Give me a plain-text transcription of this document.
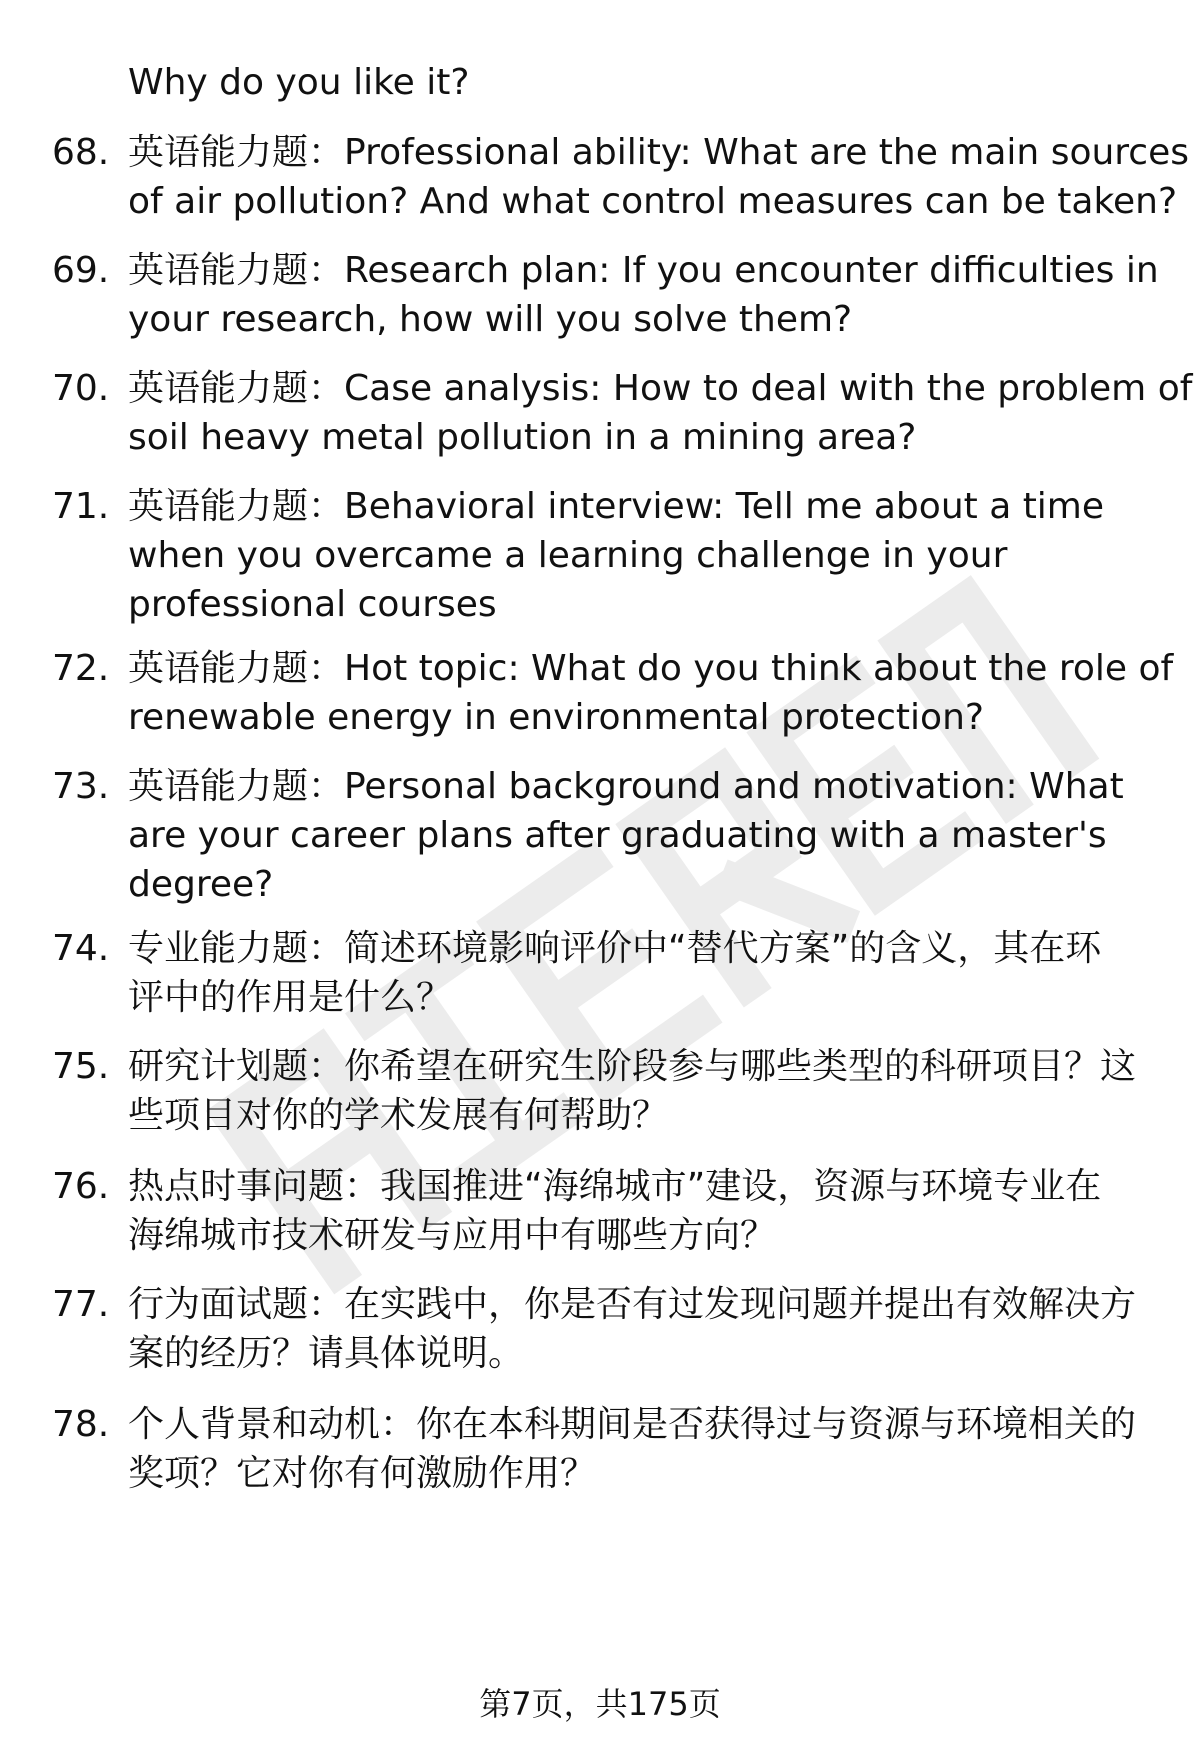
Why do you like it?
68. 英语能力题：Professional ability: What are the main sources
of air pollution? And what control measures can be taken?
69. 英语能力题：Research plan: If you encounter difficulties in
your research, how will you solve them?
70. 英语能力题：Case analysis: How to deal with the problem of
soil heavy metal pollution in a mining area?
71. 英语能力题：Behavioral interview: Tell me about a time
when you overcame a learning challenge in your
professional courses
72. 英语能力题：Hot topic: What do you think about the role of
renewable energy in environmental protection?
73. 英语能力题：Personal background and motivation: What
are your career plans after graduating with a master's
degree?
74. 专业能力题：简述环境影响评价中“替代方案”的含义，其在环
评中的作用是什么？
75. 研究计划题：你希望在研究生阶段参与哪些类型的科研项目？这
些项目对你的学术发展有何帮助？
76. 热点时事问题：我国推进“海绵城市”建设，资源与环境专业在
海绵城市技术研发与应用中有哪些方向？
77. 行为面试题：在实践中，你是否有过发现问题并提出有效解决方
案的经历？请具体说明。
78. 个人背景和动机：你在本科期间是否获得过与资源与环境相关的
奖项？它对你有何激励作用？
第7页，共175页
